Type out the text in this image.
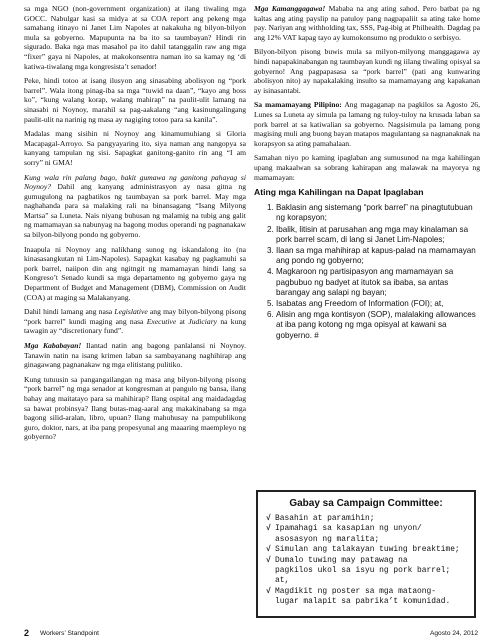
sa mga NGO (non-government organization) at ilang tiwaling mga GOCC. Nabulgar kasi sa midya at sa COA report ang pekeng mga samahang itinayo ni Janet Lim Napoles at nakakuha ng bilyon-bilyon mula sa gobyerno. Mapupunta na ba ito sa taumbayan? Hindi rin sigurado. Baka nga mas masahol pa ito dahil tatanggalin raw ang mga “fixer” gaya ni Napoles, at makokonsentra naman ito sa kamay ng ‘di katiwa-tiwalang mga kongresista’t senador!

Peke, hindi totoo at isang ilusyon ang sinasabing abolisyon ng “pork barrel”. Wala itong pinag-iba sa mga “tuwid na daan”, “kayo ang boss ko”, “kung walang korap, walang mahirap” na paulit-ulit lamang na sinasabi ni Noynoy, marahil sa pag-aakalang “ang kasinungalingang paulit-ulit na narinig ng masa ay nagiging totoo para sa kanila”.

Madalas mang sisihin ni Noynoy ang kinamumuhiang si Gloria Macapagal-Arroyo. Sa pangyayaring ito, siya naman ang nangopya sa kanyang tampulan ng sisi. Sapagkat ganitong-ganito rin ang “I am sorry” ni GMA!

Kung wala rin palang bago, bakit gumawa ng ganitong pahayag si Noynoy? Dahil ang kanyang administrasyon ay nasa gitna ng gumugulong na pagbatikos ng taumbayan sa pork barrel. May mga naghahanda para sa malaking rali na binansagang “Isang Milyong Martsa” sa Luneta. Nais niyang buhusan ng malamig na tubig ang galit ng mamamayan sa nabunyag na bagong modus operandi ng pagnanakaw sa bilyon-bilyong pondo ng gobyerno.

Inaapula ni Noynoy ang nalikhang sunog ng iskandalong ito (na kinasasangkutan ni Lim-Napoles). Sapagkat kasabay ng pagkamuhi sa pork barrel, naiipon din ang ngitngit ng mamamayan hindi lang sa Kongreso’t Senado kundi sa mga departamento ng gobyerno gaya ng Department of Budget and Management (DBM), Commission on Audit (COA) at maging sa Malakanyang.

Dahil hindi lamang ang nasa Legislative ang may bilyon-bilyong pisong “pork barrel” kundi maging ang nasa Executive at Judiciary na kung tawagin ay “discretionary fund”.

Mga Kababayan! Ilantad natin ang bagong panlalansi ni Noynoy. Tanawin natin na isang krimen laban sa sambayanang naghihirap ang ginagawang pagnanakaw ng mga elitistang pulitiko.

Kung tutuusin sa pangangailangan ng masa ang bilyon-bilyong pisong “pork barrel” ng mga senador at kongresman at pangulo ng bansa, ilang bahay ang maitatayo para sa mahihirap? Ilang ospital ang maidadagdag sa bawat probinsya? Ilang butas-mag-aaral ang makakinabang sa mga bagong silid-aralan, libro, upuan? Ilang mahuhusay na pampublikong guro, doktor, nars, at iba pang propesyunal ang maaaring maempleyo ng gobyerno?

Mga Kamanggagawa! Mababa na ang ating sahod. Pero batbat pa ng kaltas ang ating payslip na patuloy pang nagpapaliit sa ating take home pay. Nariyan ang withholding tax, SSS, Pag-ibig at Philhealth. Dagdag pa ang 12% VAT kapag tayo ay kumokonsumo ng produkto o serbisyo.

Bilyon-bilyon pisong buwis mula sa milyon-milyong manggagawa ay hindi napapakinabangan ng taumbayan kundi ng iilang tiwaling opisyal sa gobyerno! Ang pagpapasasa sa “pork barrel” (pati ang kunwaring abolisyon nito) ay napakalaking insulto sa mamamayang ang kapakanan ay isinasantabi.

Sa mamamayang Pilipino: Ang magaganap na pagkilos sa Agosto 26, Lunes sa Luneta ay simula pa lamang ng tuloy-tuloy na krusada laban sa pork barrel at sa katiwalian sa gobyerno. Nagsisimula pa lamang pong magising muli ang buong bayan matapos magulantang sa nagnanaknak na korapsyon sa ating pamahalaan.

Samahan niyo po kaming ipaglaban ang sumusunod na mga kahilingan upang makaalwan sa sobrang kahirapan ang malawak na mayorya ng mamamayan:

Ating mga Kahilingan na Dapat Ipaglaban
1. Baklasin ang sistemang “pork barrel” na pinagtutubuan ng korapsyon;
2. Ibalik, litisin at parusahan ang mga may kinalaman sa pork barrel scam, di lang si Janet Lim-Napoles;
3. Ilaan sa mga mahihirap at kapus-palad na mamamayan ang pondo ng gobyerno;
4. Magkaroon ng partisipasyon ang mamamayan sa pagbubuo ng badyet at itutok sa ibaba, sa antas barangay ang salapi ng bayan;
5. Isabatas ang Freedom of Information (FOI); at,
6. Alisin ang mga kontisyon (SOP), malalaking allowances at iba pang kotong ng mga opisyal at kawani sa gobyerno. #
Gabay sa Campaign Committee:
√ Basahin at paramihin;
√ Ipamahagi sa kasapian ng unyon/
asosasyon ng maralita;
√ Simulan ang talakayan tuwing breaktime;
√ Dumalo tuwing may patawag na
pagkilos ukol sa isyu ng pork barrel; at,
√ Magdikit ng poster sa mga mataong-
lugar malapit sa pabrika’t komunidad.
2 Workers’ Standpoint	Agosto 24, 2012
